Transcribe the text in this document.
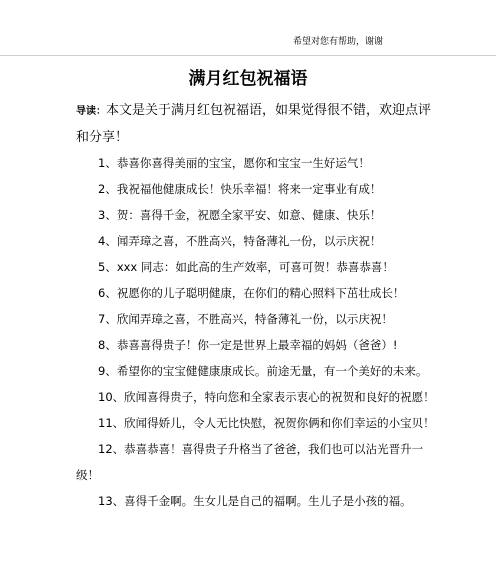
希望对您有帮助，谢谢
满月红包祝福语
导读：本文是关于满月红包祝福语，如果觉得很不错，欢迎点评和分享！
1、恭喜你喜得美丽的宝宝，愿你和宝宝一生好运气！
2、我祝福他健康成长！快乐幸福！将来一定事业有成！
3、贺：喜得千金，祝愿全家平安、如意、健康、快乐！
4、闻弄璋之喜，不胜高兴，特备薄礼一份，以示庆祝！
5、xxx 同志：如此高的生产效率，可喜可贺！恭喜恭喜！
6、祝愿你的儿子聪明健康，在你们的精心照料下茁壮成长！
7、欣闻弄璋之喜，不胜高兴，特备薄礼一份，以示庆祝！
8、恭喜喜得贵子！你一定是世界上最幸福的妈妈（爸爸）!
9、希望你的宝宝健健康康成长。前途无量，有一个美好的未来。
10、欣闻喜得贵子，特向您和全家表示衷心的祝贺和良好的祝愿！
11、欣闻得娇儿，令人无比快慰，祝贺你俩和你们幸运的小宝贝！
12、恭喜恭喜！喜得贵子升格当了爸爸，我们也可以沾光晋升一级！
13、喜得千金啊。生女儿是自己的福啊。生儿子是小孩的福。
